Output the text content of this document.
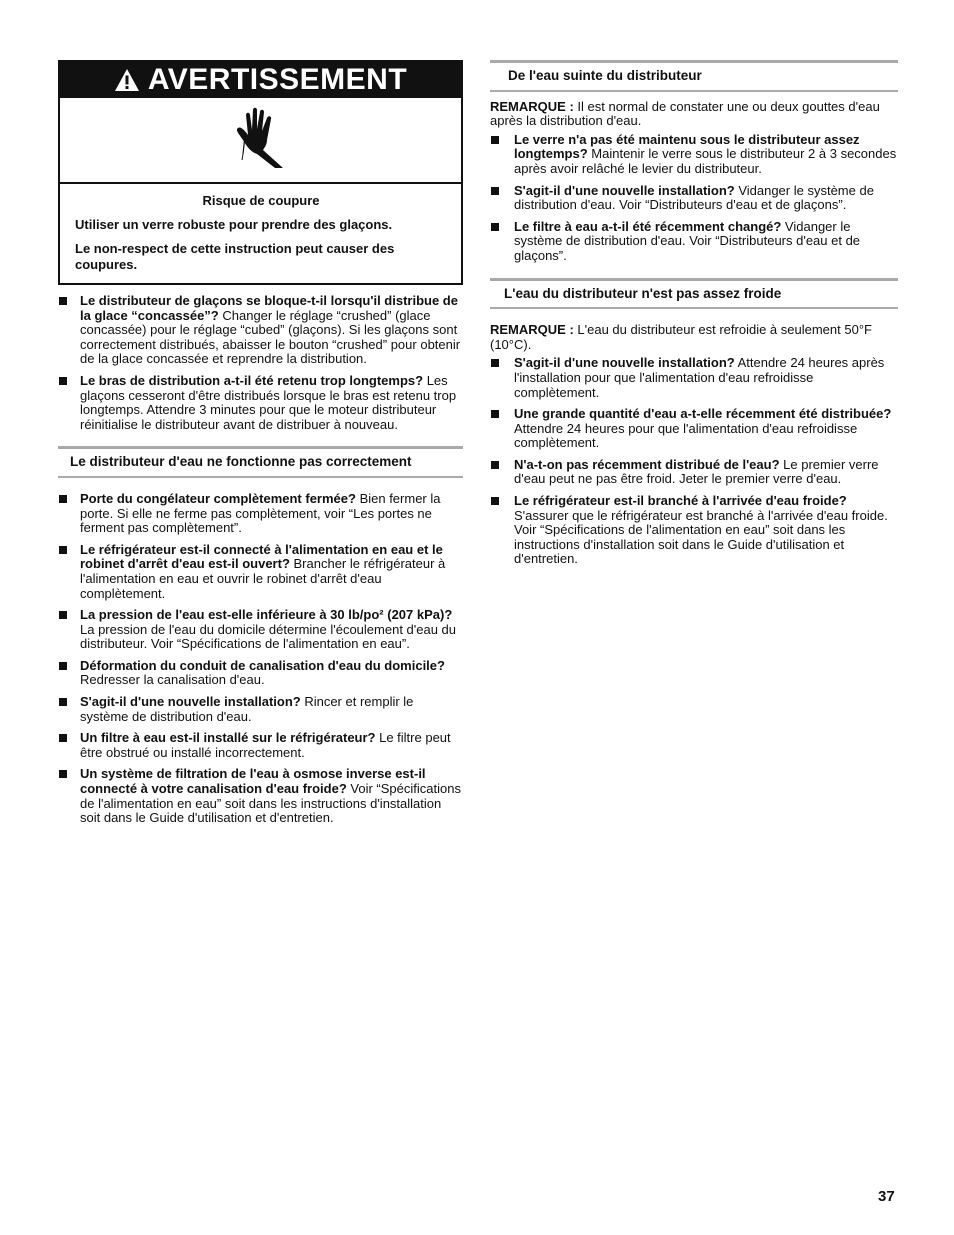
AVERTISSEMENT
Risque de coupure
Utiliser un verre robuste pour prendre des glaçons.
Le non-respect de cette instruction peut causer des coupures.
Le distributeur de glaçons se bloque-t-il lorsqu'il distribue de la glace “concassée”? Changer le réglage “crushed” (glace concassée) pour le réglage “cubed” (glaçons). Si les glaçons sont correctement distribués, abaisser le bouton “crushed” pour obtenir de la glace concassée et reprendre la distribution.
Le bras de distribution a-t-il été retenu trop longtemps? Les glaçons cesseront d'être distribués lorsque le bras est retenu trop longtemps. Attendre 3 minutes pour que le moteur distributeur réinitialise le distributeur avant de distribuer à nouveau.
Le distributeur d'eau ne fonctionne pas correctement
Porte du congélateur complètement fermée? Bien fermer la porte. Si elle ne ferme pas complètement, voir “Les portes ne ferment pas complètement”.
Le réfrigérateur est-il connecté à l'alimentation en eau et le robinet d'arrêt d'eau est-il ouvert? Brancher le réfrigérateur à l'alimentation en eau et ouvrir le robinet d'arrêt d'eau complètement.
La pression de l'eau est-elle inférieure à 30 lb/po² (207 kPa)? La pression de l'eau du domicile détermine l'écoulement d'eau du distributeur. Voir “Spécifications de l'alimentation en eau”.
Déformation du conduit de canalisation d'eau du domicile? Redresser la canalisation d'eau.
S'agit-il d'une nouvelle installation? Rincer et remplir le système de distribution d'eau.
Un filtre à eau est-il installé sur le réfrigérateur? Le filtre peut être obstrué ou installé incorrectement.
Un système de filtration de l'eau à osmose inverse est-il connecté à votre canalisation d'eau froide? Voir “Spécifications de l'alimentation en eau” soit dans les instructions d'installation soit dans le Guide d'utilisation et d'entretien.
De l'eau suinte du distributeur
REMARQUE : Il est normal de constater une ou deux gouttes d'eau après la distribution d'eau.
Le verre n'a pas été maintenu sous le distributeur assez longtemps? Maintenir le verre sous le distributeur 2 à 3 secondes après avoir relâché le levier du distributeur.
S'agit-il d'une nouvelle installation? Vidanger le système de distribution d'eau. Voir “Distributeurs d'eau et de glaçons”.
Le filtre à eau a-t-il été récemment changé? Vidanger le système de distribution d'eau. Voir “Distributeurs d'eau et de glaçons”.
L'eau du distributeur n'est pas assez froide
REMARQUE : L'eau du distributeur est refroidie à seulement 50°F (10°C).
S'agit-il d'une nouvelle installation? Attendre 24 heures après l'installation pour que l'alimentation d'eau refroidisse complètement.
Une grande quantité d'eau a-t-elle récemment été distribuée? Attendre 24 heures pour que l'alimentation d'eau refroidisse complètement.
N'a-t-on pas récemment distribué de l'eau? Le premier verre d'eau peut ne pas être froid. Jeter le premier verre d'eau.
Le réfrigérateur est-il branché à l'arrivée d'eau froide? S'assurer que le réfrigérateur est branché à l'arrivée d'eau froide. Voir “Spécifications de l'alimentation en eau” soit dans les instructions d'installation soit dans le Guide d'utilisation et d'entretien.
37
